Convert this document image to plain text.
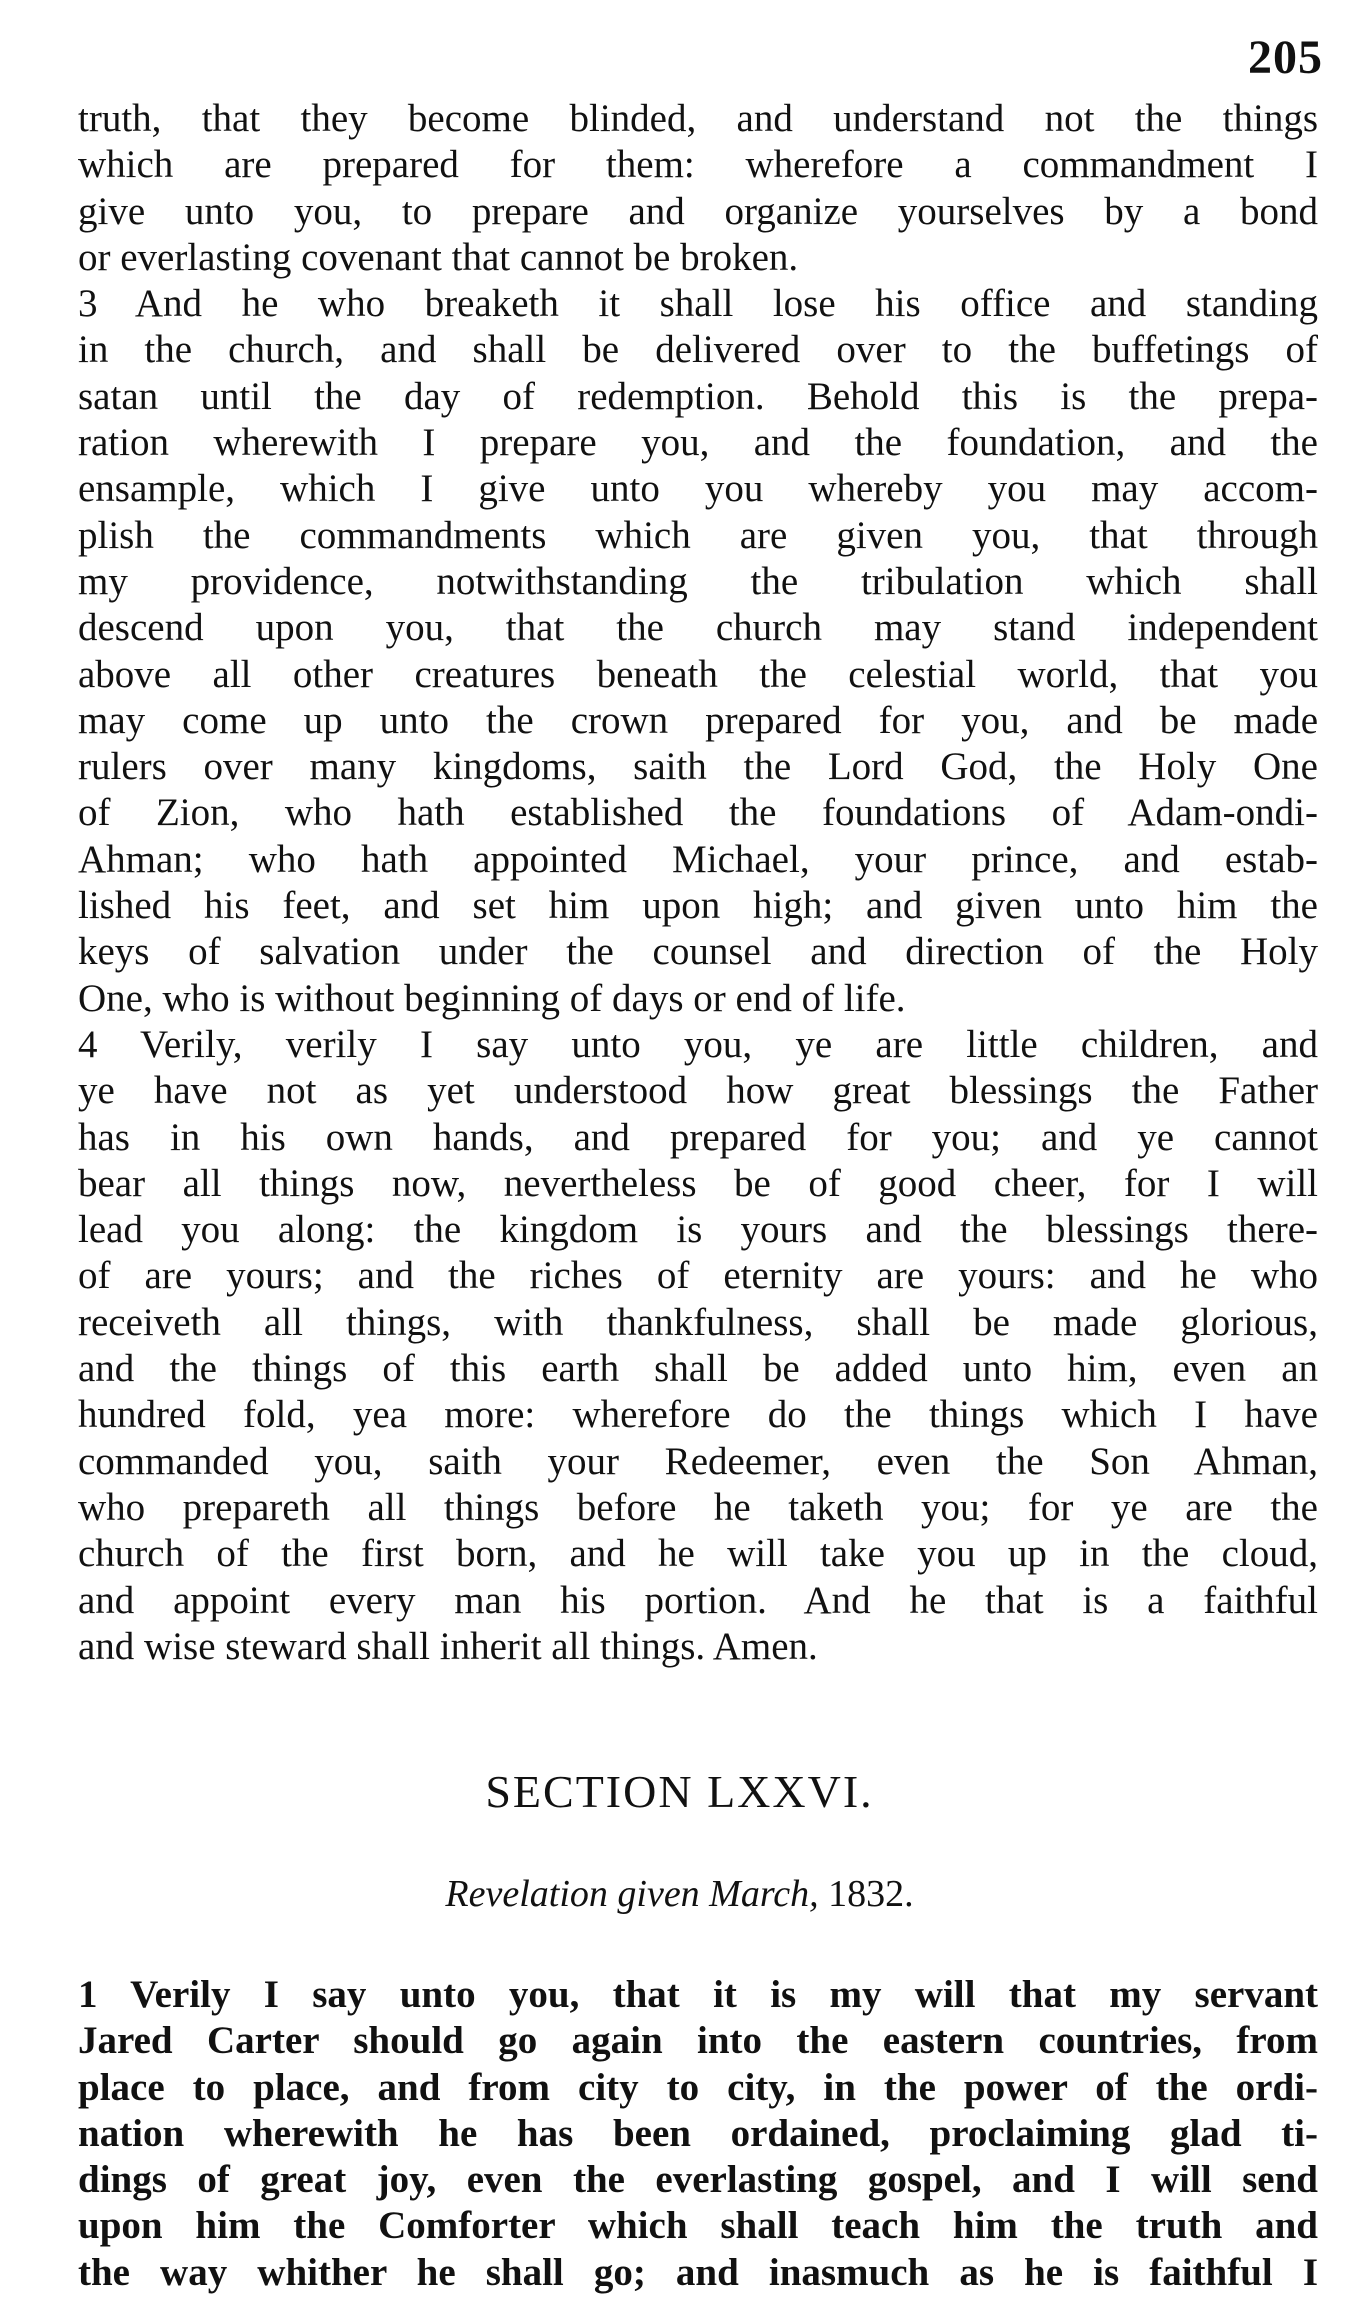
205
truth, that they become blinded, and understand not the things
which are prepared for them: wherefore a commandment I
give unto you, to prepare and organize yourselves by a bond
or everlasting covenant that cannot be broken.
3 And he who breaketh it shall lose his office and standing
in the church, and shall be delivered over to the buffetings of
satan until the day of redemption. Behold this is the prepa-
ration wherewith I prepare you, and the foundation, and the
ensample, which I give unto you whereby you may accom-
plish the commandments which are given you, that through
my providence, notwithstanding the tribulation which shall
descend upon you, that the church may stand independent
above all other creatures beneath the celestial world, that you
may come up unto the crown prepared for you, and be made
rulers over many kingdoms, saith the Lord God, the Holy One
of Zion, who hath established the foundations of Adam-ondi-
Ahman; who hath appointed Michael, your prince, and estab-
lished his feet, and set him upon high; and given unto him the
keys of salvation under the counsel and direction of the Holy
One, who is without beginning of days or end of life.
4 Verily, verily I say unto you, ye are little children, and
ye have not as yet understood how great blessings the Father
has in his own hands, and prepared for you; and ye cannot
bear all things now, nevertheless be of good cheer, for I will
lead you along: the kingdom is yours and the blessings there-
of are yours; and the riches of eternity are yours: and he who
receiveth all things, with thankfulness, shall be made glorious,
and the things of this earth shall be added unto him, even an
hundred fold, yea more: wherefore do the things which I have
commanded you, saith your Redeemer, even the Son Ahman,
who prepareth all things before he taketh you; for ye are the
church of the first born, and he will take you up in the cloud,
and appoint every man his portion. And he that is a faithful
and wise steward shall inherit all things. Amen.
SECTION LXXVI.
Revelation given March, 1832.
1 Verily I say unto you, that it is my will that my servant
Jared Carter should go again into the eastern countries, from
place to place, and from city to city, in the power of the ordi-
nation wherewith he has been ordained, proclaiming glad ti-
dings of great joy, even the everlasting gospel, and I will send
upon him the Comforter which shall teach him the truth and
the way whither he shall go; and inasmuch as he is faithful I
